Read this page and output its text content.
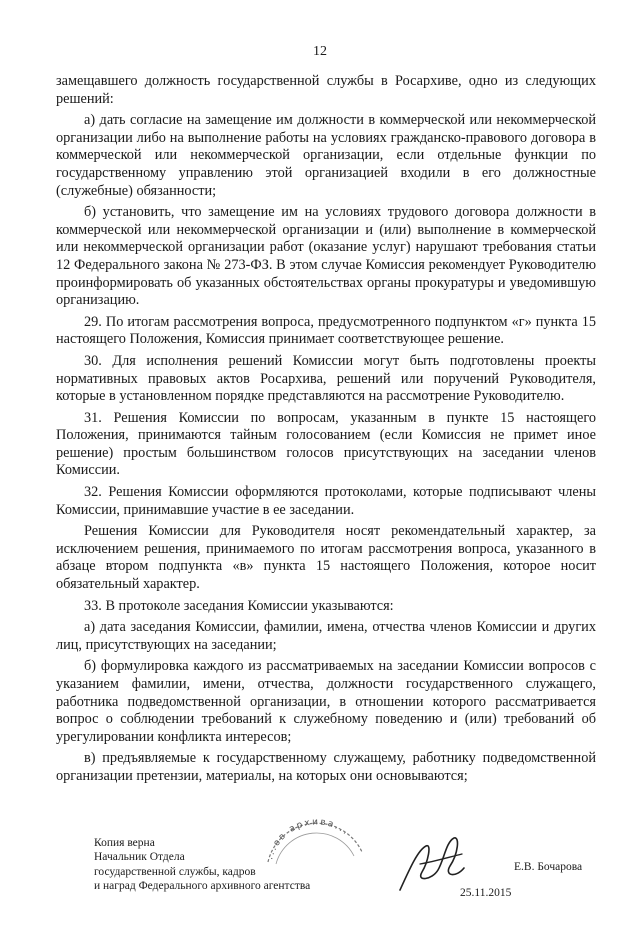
12

замещавшего должность государственной службы в Росархиве, одно из следующих решений:

а) дать согласие на замещение им должности в коммерческой или некоммерческой организации либо на выполнение работы на условиях гражданско-правового договора в коммерческой или некоммерческой организации, если отдельные функции по государственному управлению этой организацией входили в его должностные (служебные) обязанности;

б) установить, что замещение им на условиях трудового договора должности в коммерческой или некоммерческой организации и (или) выполнение в коммерческой или некоммерческой организации работ (оказание услуг) нарушают требования статьи 12 Федерального закона № 273-ФЗ. В этом случае Комиссия рекомендует Руководителю проинформировать об указанных обстоятельствах органы прокуратуры и уведомившую организацию.

29. По итогам рассмотрения вопроса, предусмотренного подпунктом «г» пункта 15 настоящего Положения, Комиссия принимает соответствующее решение.

30. Для исполнения решений Комиссии могут быть подготовлены проекты нормативных правовых актов Росархива, решений или поручений Руководителя, которые в установленном порядке представляются на рассмотрение Руководителю.

31. Решения Комиссии по вопросам, указанным в пункте 15 настоящего Положения, принимаются тайным голосованием (если Комиссия не примет иное решение) простым большинством голосов присутствующих на заседании членов Комиссии.

32. Решения Комиссии оформляются протоколами, которые подписывают члены Комиссии, принимавшие участие в ее заседании.

Решения Комиссии для Руководителя носят рекомендательный характер, за исключением решения, принимаемого по итогам рассмотрения вопроса, указанного в абзаце втором подпункта «в» пункта 15 настоящего Положения, которое носит обязательный характер.

33. В протоколе заседания Комиссии указываются:

а) дата заседания Комиссии, фамилии, имена, отчества членов Комиссии и других лиц, присутствующих на заседании;

б) формулировка каждого из рассматриваемых на заседании Комиссии вопросов с указанием фамилии, имени, отчества, должности государственного служащего, работника подведомственной организации, в отношении которого рассматривается вопрос о соблюдении требований к служебному поведению и (или) требований об урегулировании конфликта интересов;

в) предъявляемые к государственному служащему, работнику подведомственной организации претензии, материалы, на которых они основываются;

...ов архива...
Копия верна
Начальник Отдела
государственной службы, кадров
и наград Федерального архивного агентства
Е.В. Бочарова
25.11.2015
